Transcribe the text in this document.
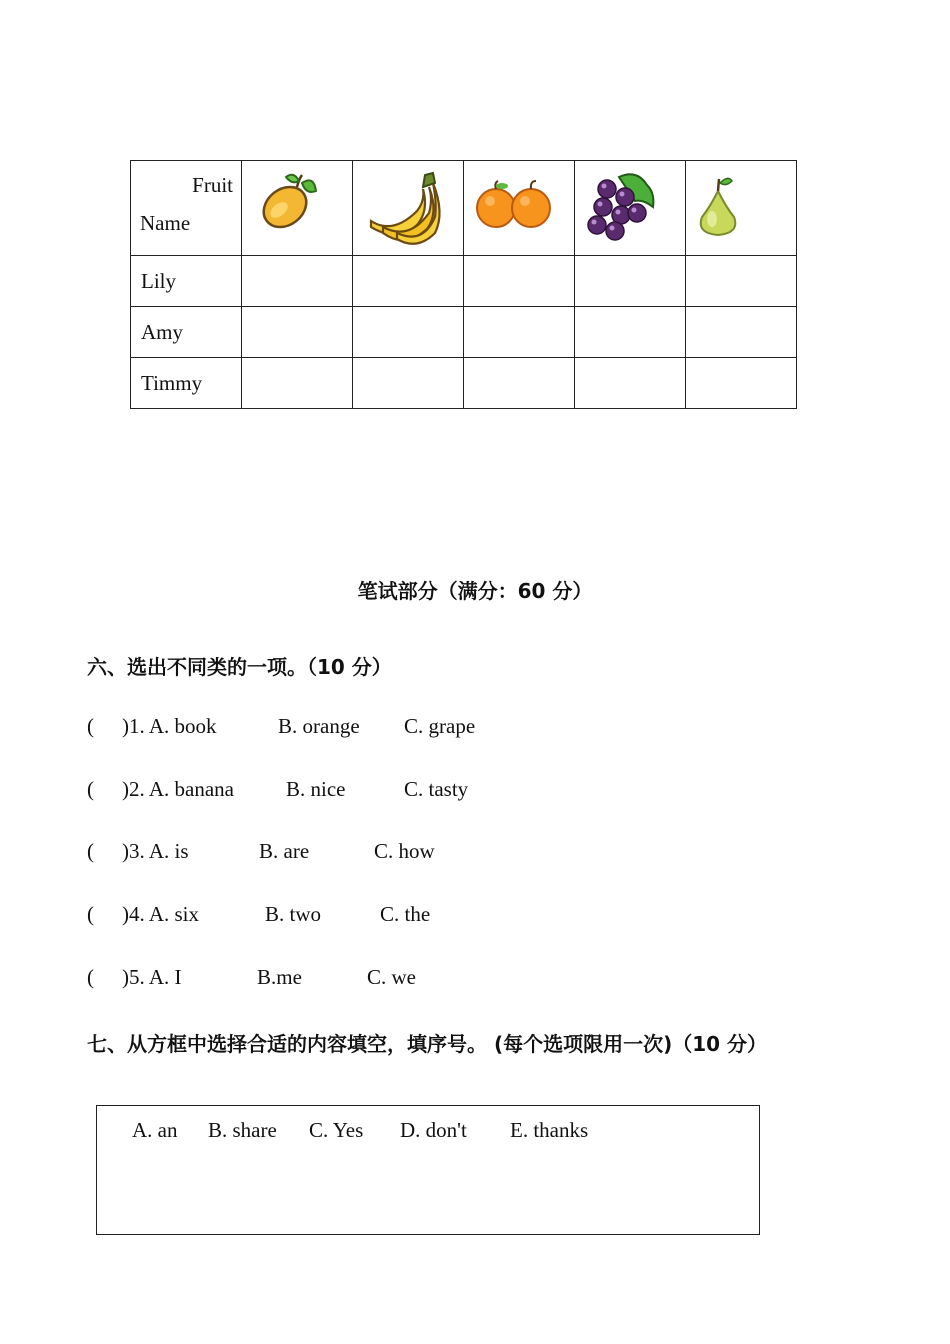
Fruit
Name

Lily					
Amy					
Timmy					
笔试部分（满分：60 分）
六、选出不同类的一项。（10 分）
( )1. A. book	B. orange C. grape
( )2. A. banana B. nice	C. tasty
( )3. A. is	B. are	C. how
( )4. A. six	B. two	C. the
( )5. A. I	B.me	C. we
七、从方框中选择合适的内容填空，填序号。 (每个选项限用一次)（10 分）
A. an B. share C. Yes D. don't E. thanks
